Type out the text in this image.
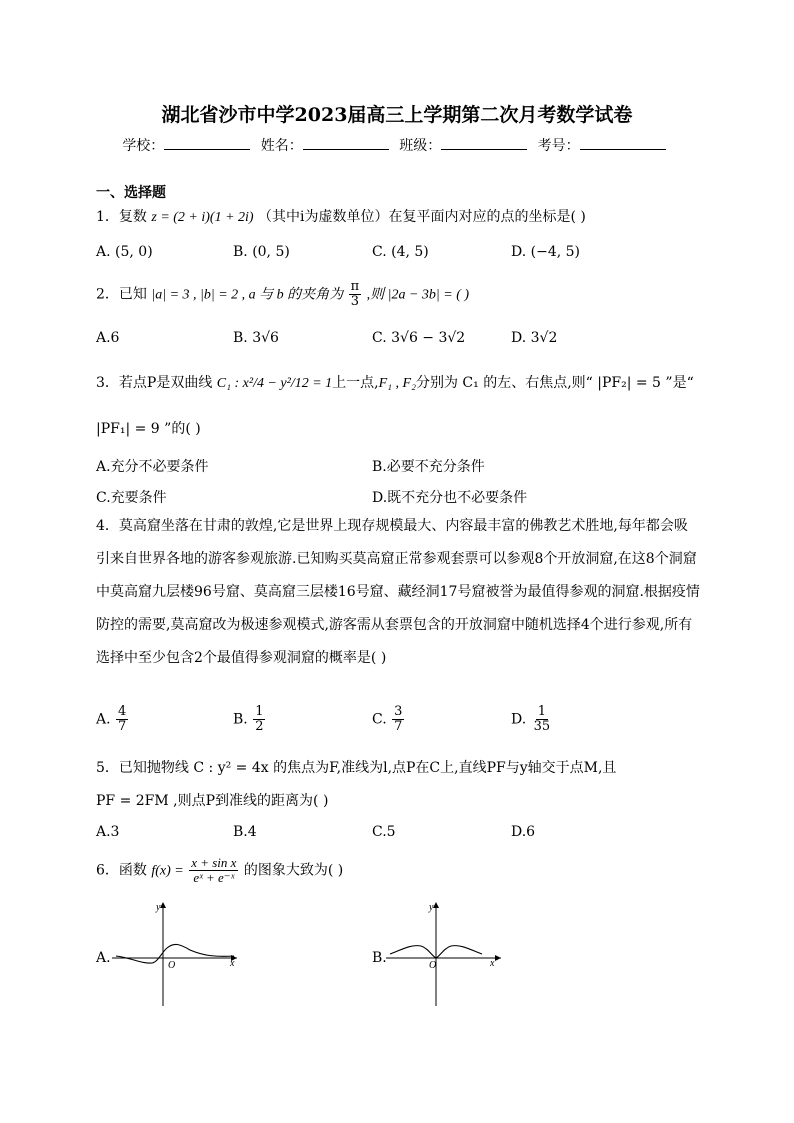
湖北省沙市中学2023届高三上学期第二次月考数学试卷
学校：	姓名：	班级：	考号：
一、选择题
1．复数 z = (2 + i)(1 + 2i) （其中i为虚数单位）在复平面内对应的点的坐标是( )
A. (5, 0)	B. (0, 5)	C. (4, 5)	D. (−4, 5)
2．已知 |a| = 3 , |b| = 2 , a 与 b 的夹角为 $\frac{\pi}{3}$ ,则 |2a − 3b| = ( )
A.6	B. 3√6	C. 3√6 − 3√2	D. 3√2
3．若点P是双曲线 C₁ : x²/4 − y²/12 = 1上一点,F₁ , F₂分别为 C₁ 的左、右焦点,则“ |PF₂| = 5 ”是“
|PF₁| = 9 ”的( )
A.充分不必要条件	B.必要不充分条件
C.充要条件	D.既不充分也不必要条件
4．莫高窟坐落在甘肃的敦煌,它是世界上现存规模最大、内容最丰富的佛教艺术胜地,每年都会吸引来自世界各地的游客参观旅游.已知购买莫高窟正常参观套票可以参观8个开放洞窟,在这8个洞窟中莫高窟九层楼96号窟、莫高窟三层楼16号窟、藏经洞17号窟被誉为最值得参观的洞窟.根据疫情防控的需要,莫高窟改为极速参观模式,游客需从套票包含的开放洞窟中随机选择4个进行参观,所有选择中至少包含2个最值得参观洞窟的概率是( )
A. $\frac{4}{7}$	B. $\frac{1}{2}$	C. $\frac{3}{7}$	D. $\frac{1}{35}$
5．已知抛物线 C : y² = 4x 的焦点为F,准线为l,点P在C上,直线PF与y轴交于点M,且
PF = 2FM ,则点P到准线的距离为( )
A.3	B.4	C.5	D.6
6．函数 $f(x) = \frac{\text{x + sin x}}{\text{eˣ + e⁻ˣ}}$ 的图象大致为( )
A.	x
y
O	B.	x
y
O
